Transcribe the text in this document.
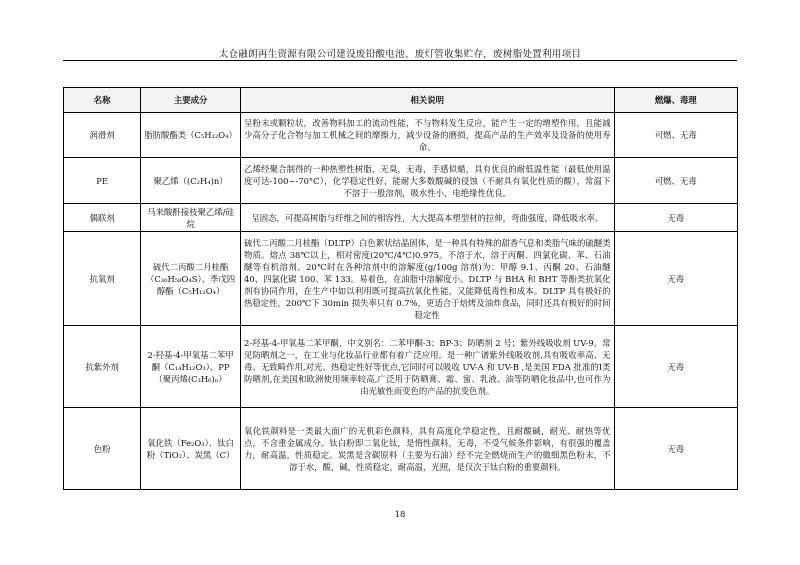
太仓融朗再生资源有限公司建设废铅酸电池、废灯管收集贮存，废树脂处置利用项目
名称	主要成分	相关说明	燃爆、毒理
润滑剂	脂肪酸酯类（C₅H₁₂O₄）	呈粉末或颗粒状，改善物料加工的流动性能，不与物料发生反应，能产生一定的增塑作用，且能减少高分子化合物与加工机械之间的摩擦力，减少设备的磨损，提高产品的生产效率及设备的使用寿命。	可燃、无毒
PE	聚乙烯（(C₂H₄)n）	乙烯经聚合制得的一种热塑性树脂，无臭，无毒，手感似蜡，具有优良的耐低温性能（最低使用温度可达-100~-70°C），化学稳定性好，能耐大多数酸碱的侵蚀（不耐具有氧化性质的酸），常温下不溶于一般溶剂，吸水性小，电绝缘性优良。	可燃、无毒
偶联剂	马来酸酐接枝聚乙烯/硅烷	呈固态，可提高树脂与纤维之间的相容性，大大提高本塑型材的拉伸，弯曲强度，降低吸水率。	无毒
抗氧剂	硫代二丙酸二月桂酯（C₃₀H₅₈O₄S）、季戊四醇酯（C₅H₁₂O₄）	硫代二丙酸二月桂酯（DLTP）白色絮状结晶固体，是一种具有特殊的甜香气息和类脂气味的硫醚类物质。熔点 38℃以上，相对密度(20℃/4℃)0.975。不溶于水，溶于丙酮、四氯化碳、苯、石油醚等有机溶剂。20℃时在各种溶剂中的溶解度(g/100g 溶剂)为：甲醇 9.1、丙酮 20、石油醚 40、四氯化碳 100、苯 133。易着色，在油脂中溶解度小。DLTP 与 BHA 和 BHT 等酚类抗氧化剂有协同作用，在生产中如以利用既可提高抗氧化性能，又能降低毒性和成本。DLTP 具有极好的热稳定性，200℃下 30min 损失率只有 0.7%，更适合于焙烤及油炸食品，同时还具有极好的时间稳定性	无毒
抗紫外剂	2-羟基-4-甲氧基二苯甲酮（C₁₄H₁₂O₃）、PP（聚丙烯(C₃H₆)ₙ）	2-羟基-4-甲氧基二苯甲酮，中文别名：二苯甲酮-3；BP-3；防晒剂 2 号；紫外线吸收剂 UV-9。常见防晒剂之一，在工业与化妆品行业都有着广泛应用。是一种广谱紫外线吸收剂,具有吸收率高、无毒、无致畸作用,对光、热稳定性好等优点,它同时可以吸收 UV-A 和 UV-B ,是美国 FDA 批准的Ⅰ类防晒剂,在美国和欧洲使用频率较高,广泛用于防晒膏、霜、蜜、乳液、油等防晒化妆品中,也可作为由光敏性而变色的产品的抗变色剂。	无毒
色粉	氧化铁（Fe₂O₃）、钛白粉（TiO₂）、炭黑（C）	氧化铁颜料是一类最大面广的无机彩色颜料，具有高度化学稳定性，且耐酸碱，耐光、耐热等优点，不含重金属成分。钛白粉即二氧化钛，是惰性颜料，无毒，不受气候条件影响，有很强的覆盖力，耐高温，性质稳定。炭黑是含碳原料（主要为石油）经不完全燃烧而生产的微细黑色粉末，不溶于水，酸，碱，性质稳定，耐高温，光照，是仅次于钛白粉的重要颜料。	无毒
18
